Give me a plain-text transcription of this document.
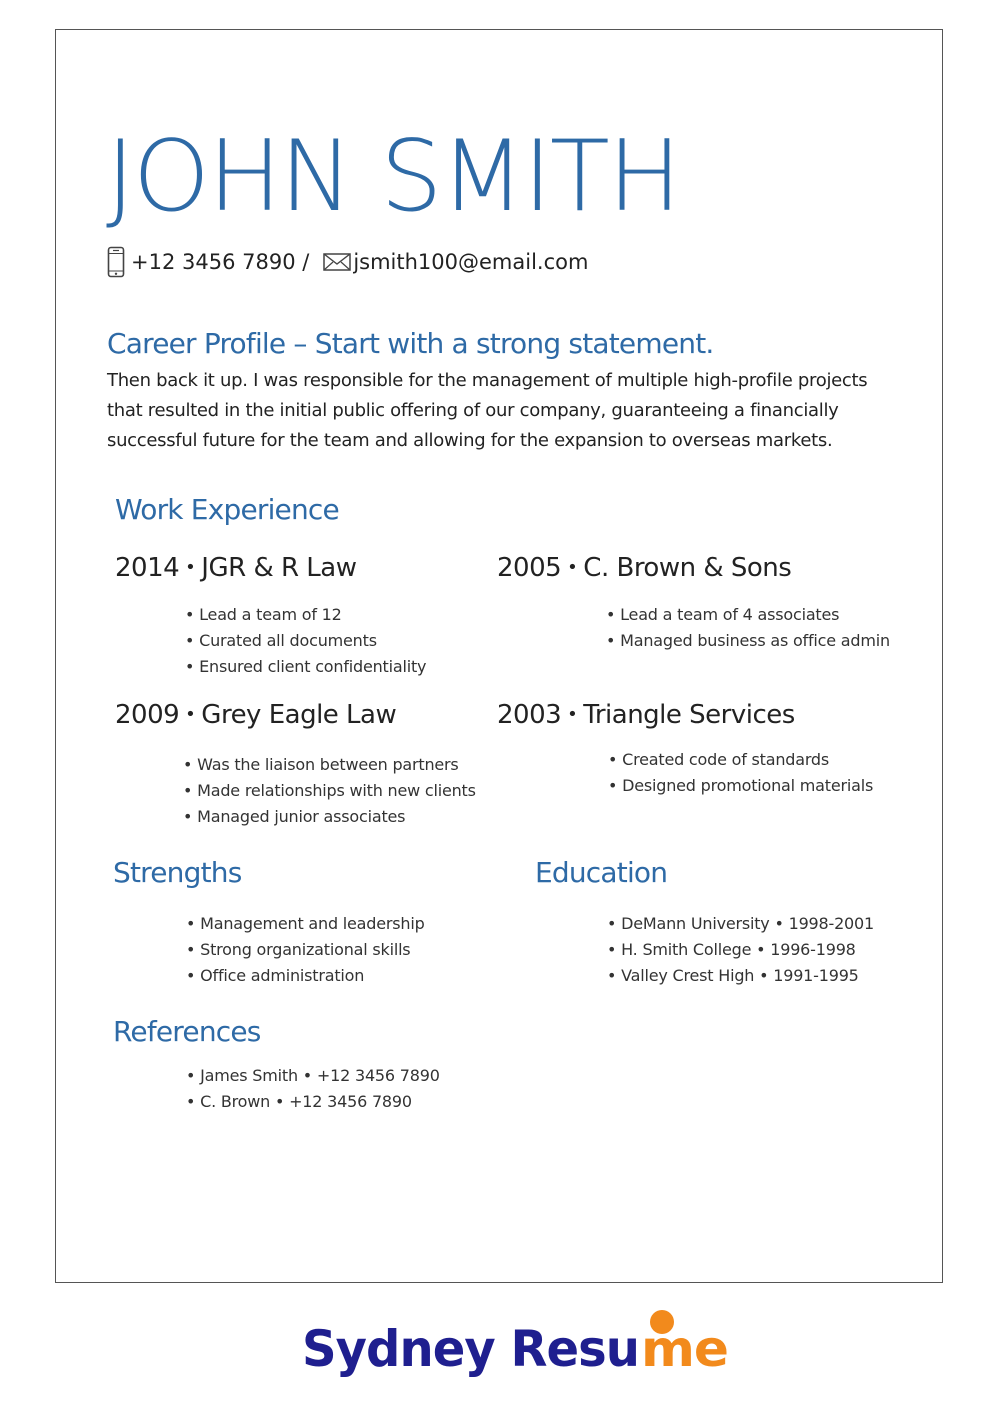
JOHN SMITH
+12 3456 7890 / jsmith100@email.com
Career Profile – Start with a strong statement.

Then back it up. I was responsible for the management of multiple high-profile projects that resulted in the initial public offering of our company, guaranteeing a financially successful future for the team and allowing for the expansion to overseas markets.

Work Experience
2014 • JGR & R Law
• Lead a team of 12
• Curated all documents
• Ensured client confidentiality
2005 • C. Brown & Sons
• Lead a team of 4 associates
• Managed business as office admin
2009 • Grey Eagle Law
• Was the liaison between partners
• Made relationships with new clients
• Managed junior associates
2003 • Triangle Services
• Created code of standards
• Designed promotional materials
Strengths
• Management and leadership
• Strong organizational skills
• Office administration
Education
• DeMann University • 1998-2001
• H. Smith College • 1996-1998
• Valley Crest High • 1991-1995
References
• James Smith • +12 3456 7890
• C. Brown • +12 3456 7890
Sydney Resu me
